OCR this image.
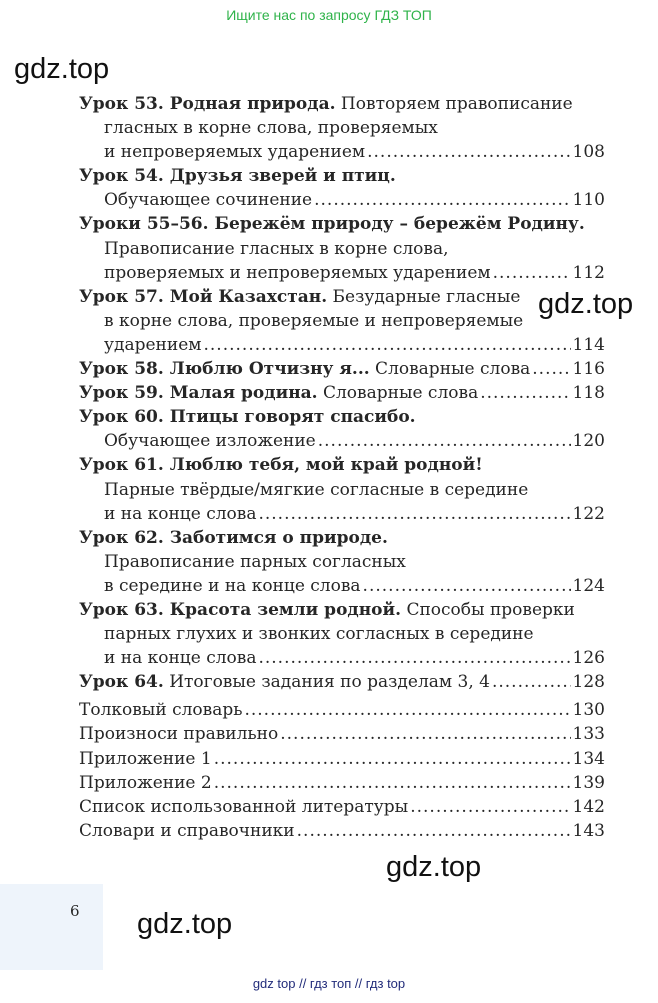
Ищите нас по запросу ГДЗ ТОП

6

Урок 53. Родная природа. Повторяем правописание
гласных в корне слова, проверяемых
и непроверяемых ударением .....	108
Урок 54. Друзья зверей и птиц.
Обучающее сочинение .....	110
Уроки 55–56. Бережём природу – бережём Родину.
Правописание гласных в корне слова,
проверяемых и непроверяемых ударением .....	112
Урок 57. Мой Казахстан. Безударные гласные
в корне слова, проверяемые и непроверяемые
ударением .....	114
Урок 58. Люблю Отчизну я... Словарные слова ..... 116
Урок 59. Малая родина. Словарные слова .....	118
Урок 60. Птицы говорят спасибо.
Обучающее изложение .....	120
Урок 61. Люблю тебя, мой край родной!
Парные твёрдые/мягкие согласные в середине
и на конце слова .....	122
Урок 62. Заботимся о природе.
Правописание парных согласных
в середине и на конце слова .....	124
Урок 63. Красота земли родной. Способы проверки
парных глухих и звонких согласных в середине
и на конце слова .....	126
Урок 64. Итоговые задания по разделам 3, 4 .....	128
Толковый словарь .....	130
Произноси правильно .....	133
Приложение 1 .....	134
Приложение 2 .....	139
Список использованной литературы .....	142
Словари и справочники .....	143

gdz.top

gdz.top

gdz.top

gdz.top

gdz top // гдз топ // гдз top
